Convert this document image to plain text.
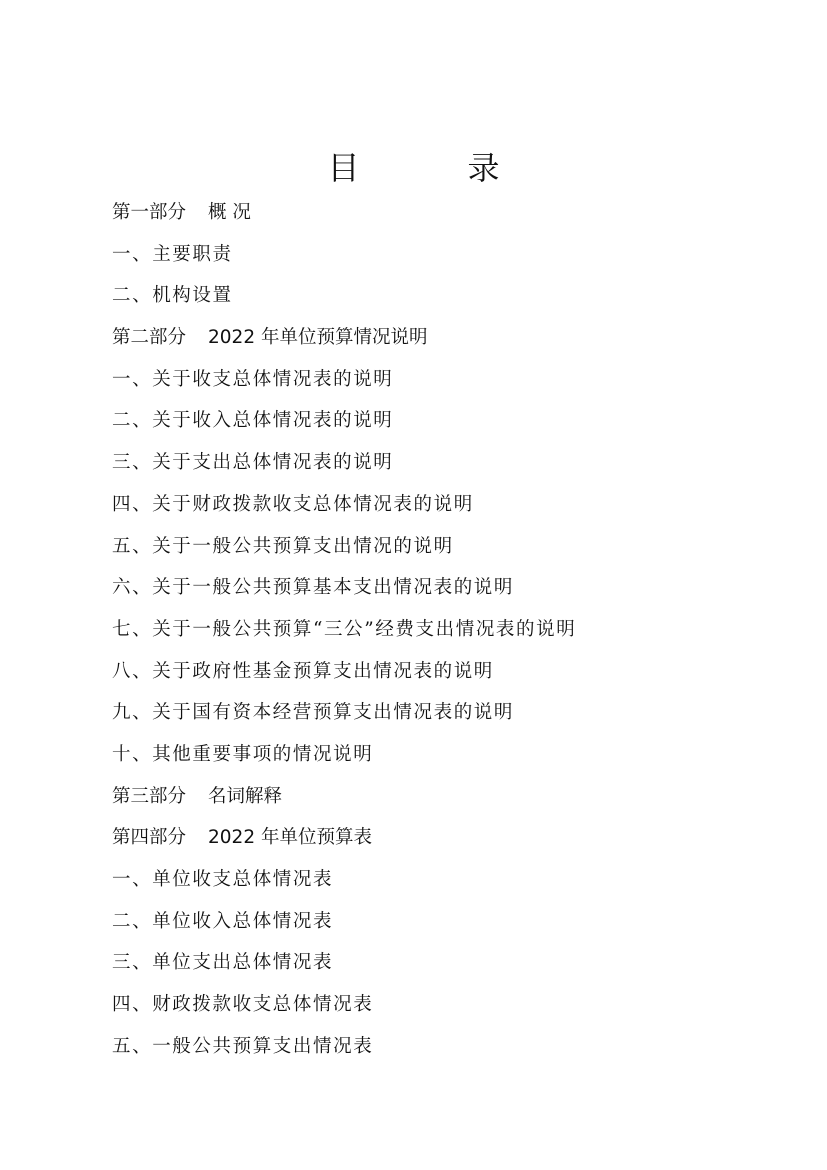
目　录
第一部分 概 况
一、主要职责
二、机构设置
第二部分 2022 年单位预算情况说明
一、关于收支总体情况表的说明
二、关于收入总体情况表的说明
三、关于支出总体情况表的说明
四、关于财政拨款收支总体情况表的说明
五、关于一般公共预算支出情况的说明
六、关于一般公共预算基本支出情况表的说明
七、关于一般公共预算“三公”经费支出情况表的说明
八、关于政府性基金预算支出情况表的说明
九、关于国有资本经营预算支出情况表的说明
十、其他重要事项的情况说明
第三部分 名词解释
第四部分 2022 年单位预算表
一、单位收支总体情况表
二、单位收入总体情况表
三、单位支出总体情况表
四、财政拨款收支总体情况表
五、一般公共预算支出情况表
